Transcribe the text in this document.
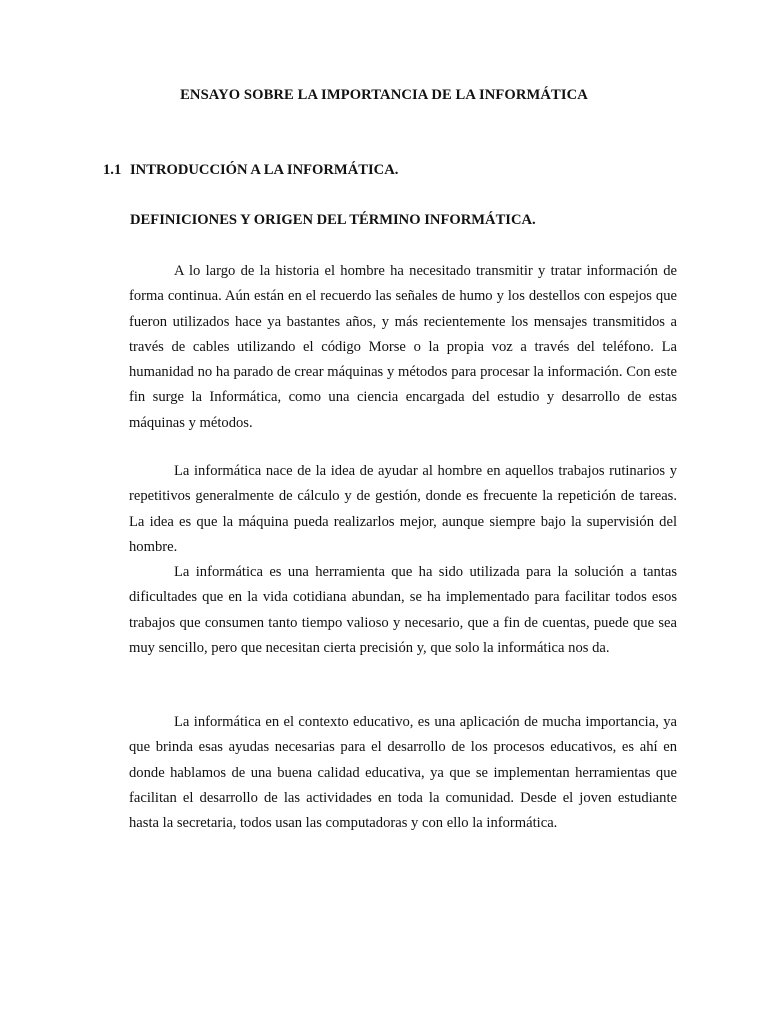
ENSAYO SOBRE LA IMPORTANCIA DE LA INFORMÁTICA
1.1 INTRODUCCIÓN A LA INFORMÁTICA.
DEFINICIONES Y ORIGEN DEL TÉRMINO INFORMÁTICA.

A lo largo de la historia el hombre ha necesitado transmitir y tratar información de forma continua. Aún están en el recuerdo las señales de humo y los destellos con espejos que fueron utilizados hace ya bastantes años, y más recientemente los mensajes transmitidos a través de cables utilizando el código Morse o la propia voz a través del teléfono. La humanidad no ha parado de crear máquinas y métodos para procesar la información. Con este fin surge la Informática, como una ciencia encargada del estudio y desarrollo de estas máquinas y métodos.

La informática nace de la idea de ayudar al hombre en aquellos trabajos rutinarios y repetitivos generalmente de cálculo y de gestión, donde es frecuente la repetición de tareas. La idea es que la máquina pueda realizarlos mejor, aunque siempre bajo la supervisión del hombre.

La informática es una herramienta que ha sido utilizada para la solución a tantas dificultades que en la vida cotidiana abundan, se ha implementado para facilitar todos esos trabajos que consumen tanto tiempo valioso y necesario, que a fin de cuentas, puede que sea muy sencillo, pero que necesitan cierta precisión y, que solo la informática nos da.

La informática en el contexto educativo, es una aplicación de mucha importancia, ya que brinda esas ayudas necesarias para el desarrollo de los procesos educativos, es ahí en donde hablamos de una buena calidad educativa, ya que se implementan herramientas que facilitan el desarrollo de las actividades en toda la comunidad. Desde el joven estudiante hasta la secretaria, todos usan las computadoras y con ello la informática.
